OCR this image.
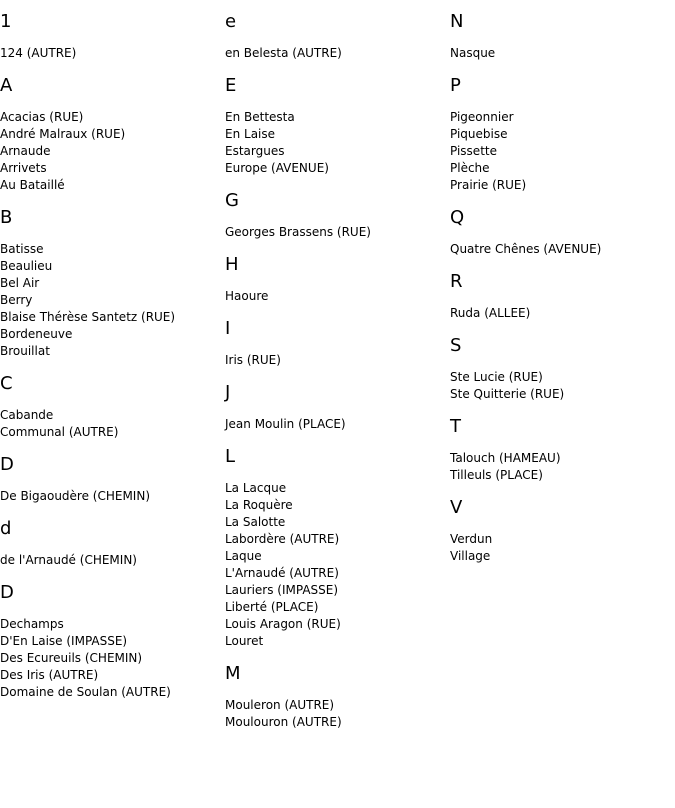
1
124 (AUTRE)
A
Acacias (RUE)
André Malraux (RUE)
Arnaude
Arrivets
Au Bataillé
B
Batisse
Beaulieu
Bel Air
Berry
Blaise Thérèse Santetz (RUE)
Bordeneuve
Brouillat
C
Cabande
Communal (AUTRE)
D
De Bigaoudère (CHEMIN)
d
de l'Arnaudé (CHEMIN)
D
Dechamps
D'En Laise (IMPASSE)
Des Ecureuils (CHEMIN)
Des Iris (AUTRE)
Domaine de Soulan (AUTRE)
e
en Belesta (AUTRE)
E
En Bettesta
En Laise
Estargues
Europe (AVENUE)
G
Georges Brassens (RUE)
H
Haoure
I
Iris (RUE)
J
Jean Moulin (PLACE)
L
La Lacque
La Roquère
La Salotte
Labordère (AUTRE)
Laque
L'Arnaudé (AUTRE)
Lauriers (IMPASSE)
Liberté (PLACE)
Louis Aragon (RUE)
Louret
M
Mouleron (AUTRE)
Moulouron (AUTRE)
N
Nasque
P
Pigeonnier
Piquebise
Pissette
Plèche
Prairie (RUE)
Q
Quatre Chênes (AVENUE)
R
Ruda (ALLEE)
S
Ste Lucie (RUE)
Ste Quitterie (RUE)
T
Talouch (HAMEAU)
Tilleuls (PLACE)
V
Verdun
Village
